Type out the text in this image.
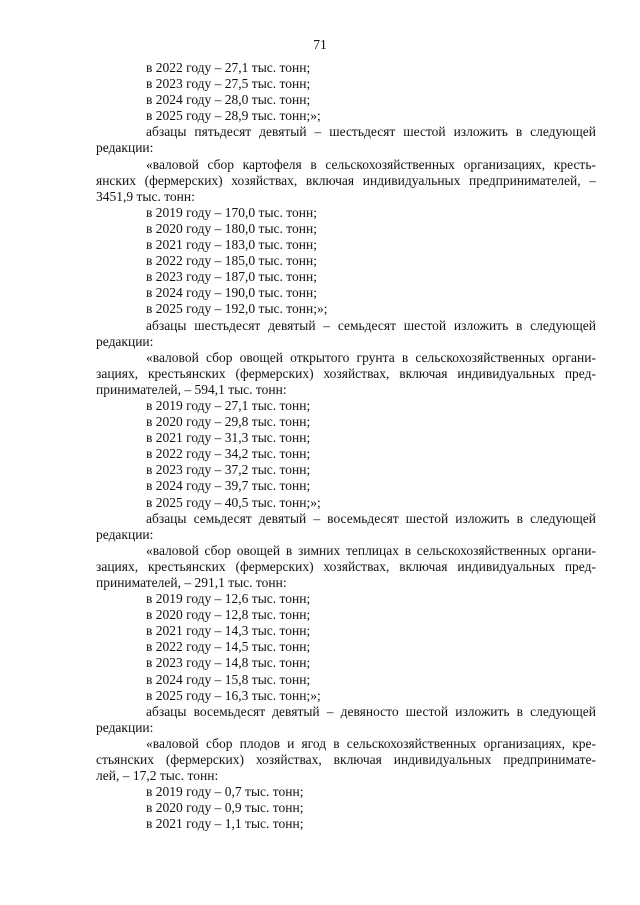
71
в 2022 году – 27,1 тыс. тонн;
в 2023 году – 27,5 тыс. тонн;
в 2024 году – 28,0 тыс. тонн;
в 2025 году – 28,9 тыс. тонн;»;
абзацы пятьдесят девятый – шестьдесят шестой изложить в следующей
редакции:
«валовой сбор картофеля в сельскохозяйственных организациях, кресть-
янских (фермерских) хозяйствах, включая индивидуальных предпринимателей, –
3451,9 тыс. тонн:
в 2019 году – 170,0 тыс. тонн;
в 2020 году – 180,0 тыс. тонн;
в 2021 году – 183,0 тыс. тонн;
в 2022 году – 185,0 тыс. тонн;
в 2023 году – 187,0 тыс. тонн;
в 2024 году – 190,0 тыс. тонн;
в 2025 году – 192,0 тыс. тонн;»;
абзацы шестьдесят девятый – семьдесят шестой изложить в следующей
редакции:
«валовой сбор овощей открытого грунта в сельскохозяйственных органи-
зациях, крестьянских (фермерских) хозяйствах, включая индивидуальных пред-
принимателей, – 594,1 тыс. тонн:
в 2019 году – 27,1 тыс. тонн;
в 2020 году – 29,8 тыс. тонн;
в 2021 году – 31,3 тыс. тонн;
в 2022 году – 34,2 тыс. тонн;
в 2023 году – 37,2 тыс. тонн;
в 2024 году – 39,7 тыс. тонн;
в 2025 году – 40,5 тыс. тонн;»;
абзацы семьдесят девятый – восемьдесят шестой изложить в следующей
редакции:
«валовой сбор овощей в зимних теплицах в сельскохозяйственных органи-
зациях, крестьянских (фермерских) хозяйствах, включая индивидуальных пред-
принимателей, – 291,1 тыс. тонн:
в 2019 году – 12,6 тыс. тонн;
в 2020 году – 12,8 тыс. тонн;
в 2021 году – 14,3 тыс. тонн;
в 2022 году – 14,5 тыс. тонн;
в 2023 году – 14,8 тыс. тонн;
в 2024 году – 15,8 тыс. тонн;
в 2025 году – 16,3 тыс. тонн;»;
абзацы восемьдесят девятый – девяносто шестой изложить в следующей
редакции:
«валовой сбор плодов и ягод в сельскохозяйственных организациях, кре-
стьянских (фермерских) хозяйствах, включая индивидуальных предпринимате-
лей, – 17,2 тыс. тонн:
в 2019 году – 0,7 тыс. тонн;
в 2020 году – 0,9 тыс. тонн;
в 2021 году – 1,1 тыс. тонн;
